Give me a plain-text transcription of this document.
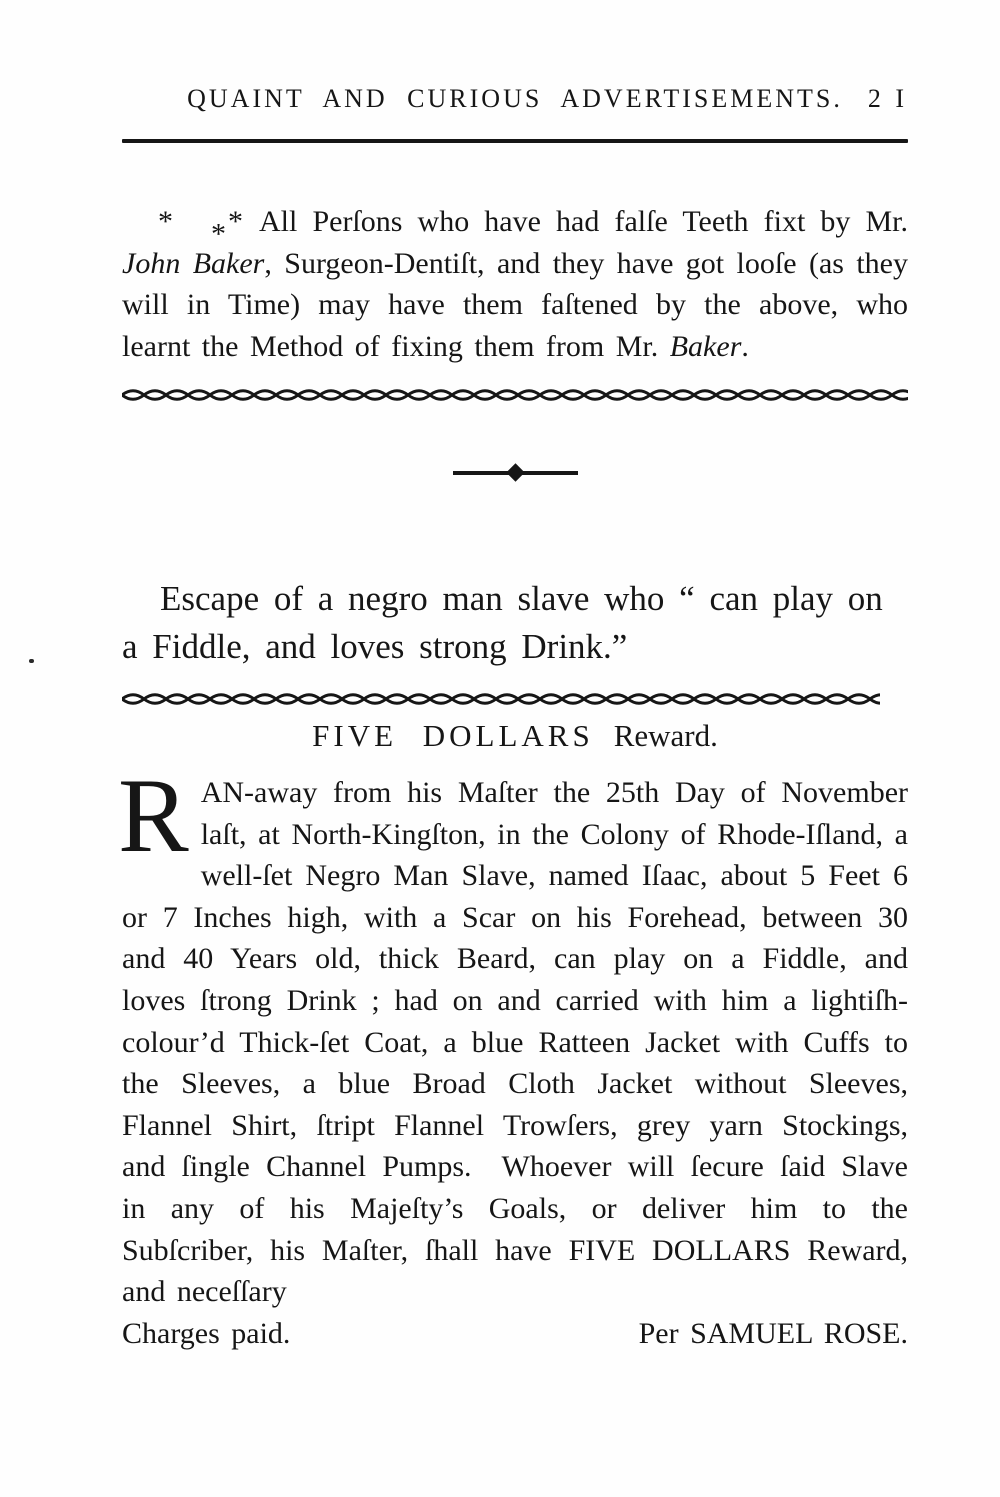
QUAINT AND CURIOUS ADVERTISEMENTS. 2 I

* ** All Perſons who have had falſe Teeth fixt by Mr. John Baker, Surgeon-Dentiſt, and they have got looſe (as they will in Time) may have them faſtened by the above, who learnt the Method of fixing them from Mr. Baker.

Escape of a negro man slave who “ can play on a Fiddle, and loves strong Drink.”

FIVE DOLLARS Reward.
R AN-away from his Maſter the 25th Day of November laſt, at North-Kingſton, in the Colony of Rhode-Iſland, a well-ſet Negro Man Slave, named Iſaac, about 5 Feet 6 or 7 Inches high, with a Scar on his Forehead, between 30 and 40 Years old, thick Beard, can play on a Fiddle, and loves ſtrong Drink ; had on and carried with him a lightiſh-colour’d Thick-ſet Coat, a blue Ratteen Jacket with Cuffs to the Sleeves, a blue Broad Cloth Jacket without Sleeves, Flannel Shirt, ſtript Flannel Trowſers, grey yarn Stockings, and ſingle Channel Pumps. Whoever will ſecure ſaid Slave in any of his Majeſty’s Goals, or deliver him to the Subſcriber, his Maſter, ſhall have FIVE DOLLARS Reward, and neceſſary

Charges paid.	Per SAMUEL ROSE.
